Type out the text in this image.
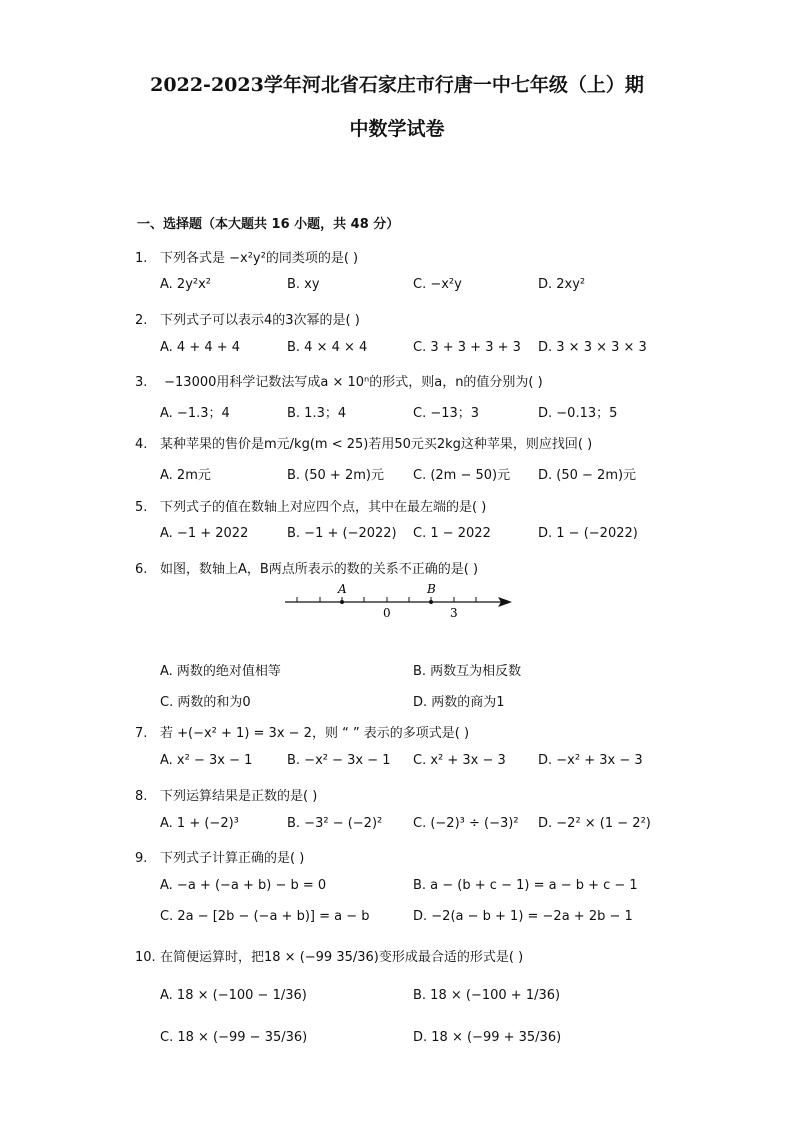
2022-2023学年河北省石家庄市行唐一中七年级（上）期
中数学试卷
一、选择题（本大题共 16 小题，共 48 分）
1. 下列各式是 −x²y²的同类项的是( )
A. 2y²x²	B. xy	C. −x²y	D. 2xy²
2. 下列式子可以表示4的3次幂的是( )
A. 4 + 4 + 4	B. 4 × 4 × 4	C. 3 + 3 + 3 + 3 D. 3 × 3 × 3 × 3
3. −13000用科学记数法写成a × 10ⁿ的形式，则a，n的值分别为( )
A. −1.3；4	B. 1.3；4	C. −13；3	D. −0.13；5
4. 某种苹果的售价是m元/kg(m < 25)若用50元买2kg这种苹果，则应找回( )
A. 2m元	B. (50 + 2m)元 C. (2m − 50)元 D. (50 − 2m)元
5. 下列式子的值在数轴上对应四个点，其中在最左端的是( )
A. −1 + 2022	B. −1 + (−2022) C. 1 − 2022	D. 1 − (−2022)
6. 如图，数轴上A，B两点所表示的数的关系不正确的是( )
A	B
0	3
A. 两数的绝对值相等	B. 两数互为相反数
C. 两数的和为0	D. 两数的商为1
7. 若 +(−x² + 1) = 3x − 2，则 “ ” 表示的多项式是( )
A. x² − 3x − 1	B. −x² − 3x − 1 C. x² + 3x − 3 D. −x² + 3x − 3
8. 下列运算结果是正数的是( )
A. 1 + (−2)³	B. −3² − (−2)² C. (−2)³ ÷ (−3)² D. −2² × (1 − 2²)
9. 下列式子计算正确的是( )
A. −a + (−a + b) − b = 0	B. a − (b + c − 1) = a − b + c − 1
C. 2a − [2b − (−a + b)] = a − b	D. −2(a − b + 1) = −2a + 2b − 1
10. 在简便运算时，把18 × (−99 35/36)变形成最合适的形式是( )
A. 18 × (−100 − 1/36)	B. 18 × (−100 + 1/36)
C. 18 × (−99 − 35/36)	D. 18 × (−99 + 35/36)
